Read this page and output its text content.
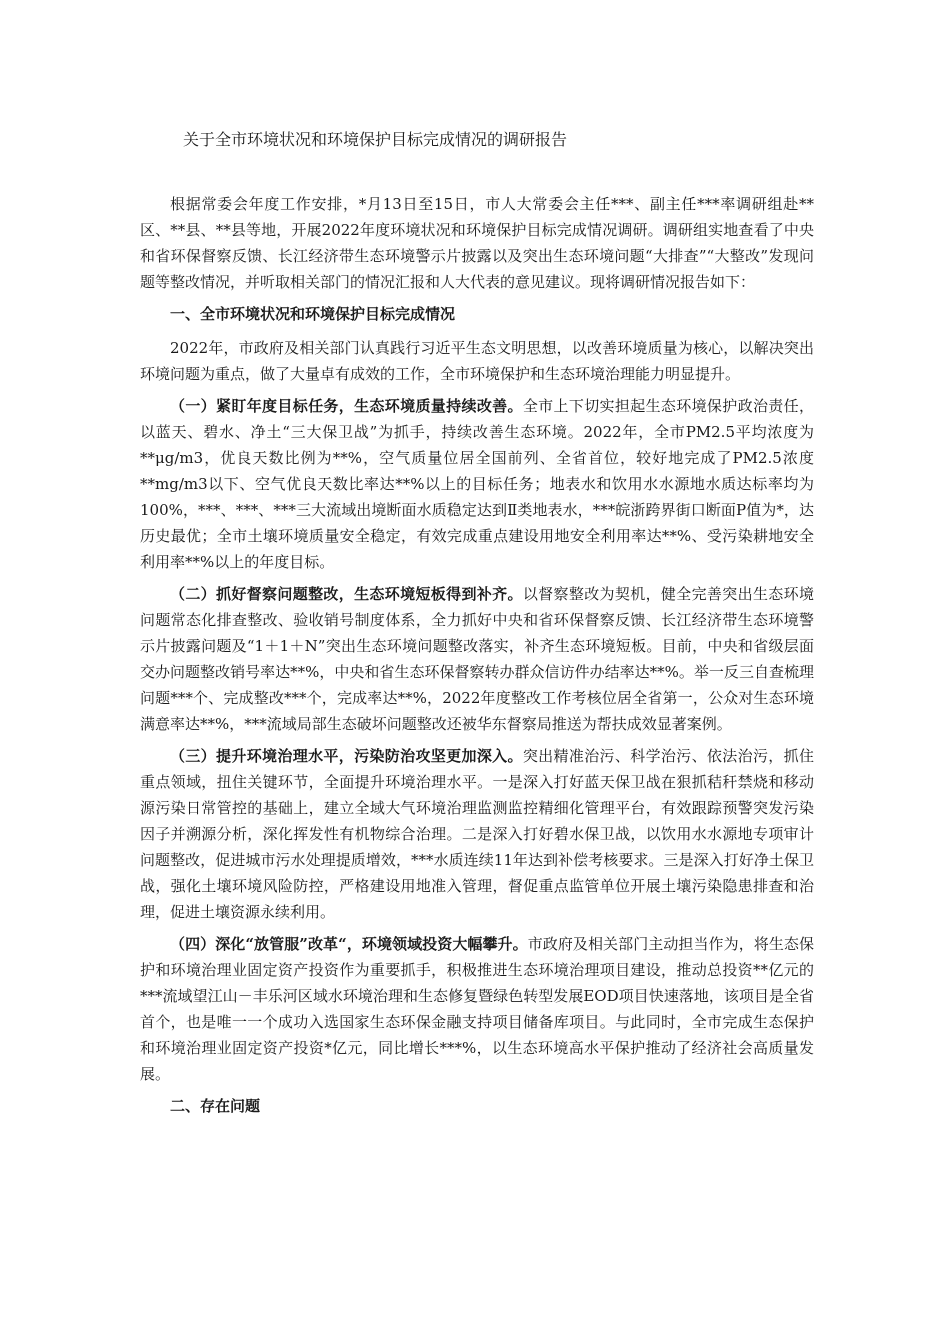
关于全市环境状况和环境保护目标完成情况的调研报告

根据常委会年度工作安排，*月13日至15日，市人大常委会主任***、副主任***率调研组赴**区、**县、**县等地，开展2022年度环境状况和环境保护目标完成情况调研。调研组实地查看了中央和省环保督察反馈、长江经济带生态环境警示片披露以及突出生态环境问题“大排查”“大整改”发现问题等整改情况，并听取相关部门的情况汇报和人大代表的意见建议。现将调研情况报告如下：

一、全市环境状况和环境保护目标完成情况

2022年，市政府及相关部门认真践行习近平生态文明思想，以改善环境质量为核心，以解决突出环境问题为重点，做了大量卓有成效的工作，全市环境保护和生态环境治理能力明显提升。

（一）紧盯年度目标任务，生态环境质量持续改善。全市上下切实担起生态环境保护政治责任，以蓝天、碧水、净土“三大保卫战”为抓手，持续改善生态环境。2022年，全市PM2.5平均浓度为**μg/m3，优良天数比例为**%，空气质量位居全国前列、全省首位，较好地完成了PM2.5浓度**mg/m3以下、空气优良天数比率达**%以上的目标任务；地表水和饮用水水源地水质达标率均为100%，***、***、***三大流域出境断面水质稳定达到Ⅱ类地表水，***皖浙跨界街口断面P值为*，达历史最优；全市土壤环境质量安全稳定，有效完成重点建设用地安全利用率达**%、受污染耕地安全利用率**%以上的年度目标。

（二）抓好督察问题整改，生态环境短板得到补齐。以督察整改为契机，健全完善突出生态环境问题常态化排查整改、验收销号制度体系，全力抓好中央和省环保督察反馈、长江经济带生态环境警示片披露问题及“1＋1＋N”突出生态环境问题整改落实，补齐生态环境短板。目前，中央和省级层面交办问题整改销号率达**%，中央和省生态环保督察转办群众信访件办结率达**%。举一反三自查梳理问题***个、完成整改***个，完成率达**%，2022年度整改工作考核位居全省第一，公众对生态环境满意率达**%，***流域局部生态破坏问题整改还被华东督察局推送为帮扶成效显著案例。

（三）提升环境治理水平，污染防治攻坚更加深入。突出精准治污、科学治污、依法治污，抓住重点领域，扭住关键环节，全面提升环境治理水平。一是深入打好蓝天保卫战在狠抓秸秆禁烧和移动源污染日常管控的基础上，建立全域大气环境治理监测监控精细化管理平台，有效跟踪预警突发污染因子并溯源分析，深化挥发性有机物综合治理。二是深入打好碧水保卫战，以饮用水水源地专项审计问题整改，促进城市污水处理提质增效，***水质连续11年达到补偿考核要求。三是深入打好净土保卫战，强化土壤环境风险防控，严格建设用地准入管理，督促重点监管单位开展土壤污染隐患排查和治理，促进土壤资源永续利用。

（四）深化“放管服”改革“，环境领域投资大幅攀升。市政府及相关部门主动担当作为，将生态保护和环境治理业固定资产投资作为重要抓手，积极推进生态环境治理项目建设，推动总投资**亿元的***流域望江山－丰乐河区域水环境治理和生态修复暨绿色转型发展EOD项目快速落地，该项目是全省首个，也是唯一一个成功入选国家生态环保金融支持项目储备库项目。与此同时，全市完成生态保护和环境治理业固定资产投资*亿元，同比增长***%，以生态环境高水平保护推动了经济社会高质量发展。

二、存在问题
